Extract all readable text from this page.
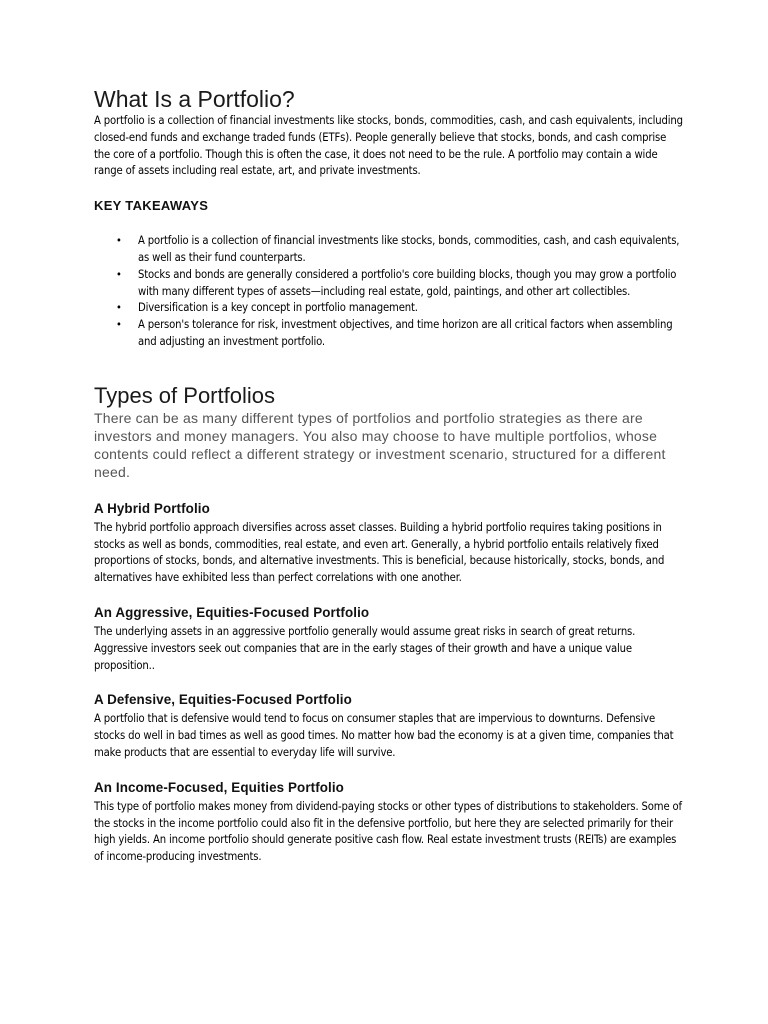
What Is a Portfolio?

A portfolio is a collection of financial investments like stocks, bonds, commodities, cash, and cash equivalents, including closed-end funds and exchange traded funds (ETFs). People generally believe that stocks, bonds, and cash comprise the core of a portfolio. Though this is often the case, it does not need to be the rule. A portfolio may contain a wide range of assets including real estate, art, and private investments.

KEY TAKEAWAYS
• A portfolio is a collection of financial investments like stocks, bonds, commodities, cash, and cash equivalents, as well as their fund counterparts.
• Stocks and bonds are generally considered a portfolio's core building blocks, though you may grow a portfolio with many different types of assets—including real estate, gold, paintings, and other art collectibles.
• Diversification is a key concept in portfolio management.
• A person's tolerance for risk, investment objectives, and time horizon are all critical factors when assembling and adjusting an investment portfolio.
Types of Portfolios

There can be as many different types of portfolios and portfolio strategies as there are investors and money managers. You also may choose to have multiple portfolios, whose contents could reflect a different strategy or investment scenario, structured for a different need.

A Hybrid Portfolio

The hybrid portfolio approach diversifies across asset classes. Building a hybrid portfolio requires taking positions in stocks as well as bonds, commodities, real estate, and even art. Generally, a hybrid portfolio entails relatively fixed proportions of stocks, bonds, and alternative investments. This is beneficial, because historically, stocks, bonds, and alternatives have exhibited less than perfect correlations with one another.

An Aggressive, Equities-Focused Portfolio

The underlying assets in an aggressive portfolio generally would assume great risks in search of great returns. Aggressive investors seek out companies that are in the early stages of their growth and have a unique value proposition..

A Defensive, Equities-Focused Portfolio

A portfolio that is defensive would tend to focus on consumer staples that are impervious to downturns. Defensive stocks do well in bad times as well as good times. No matter how bad the economy is at a given time, companies that make products that are essential to everyday life will survive.

An Income-Focused, Equities Portfolio

This type of portfolio makes money from dividend-paying stocks or other types of distributions to stakeholders. Some of the stocks in the income portfolio could also fit in the defensive portfolio, but here they are selected primarily for their high yields. An income portfolio should generate positive cash flow. Real estate investment trusts (REITs) are examples of income-producing investments.
